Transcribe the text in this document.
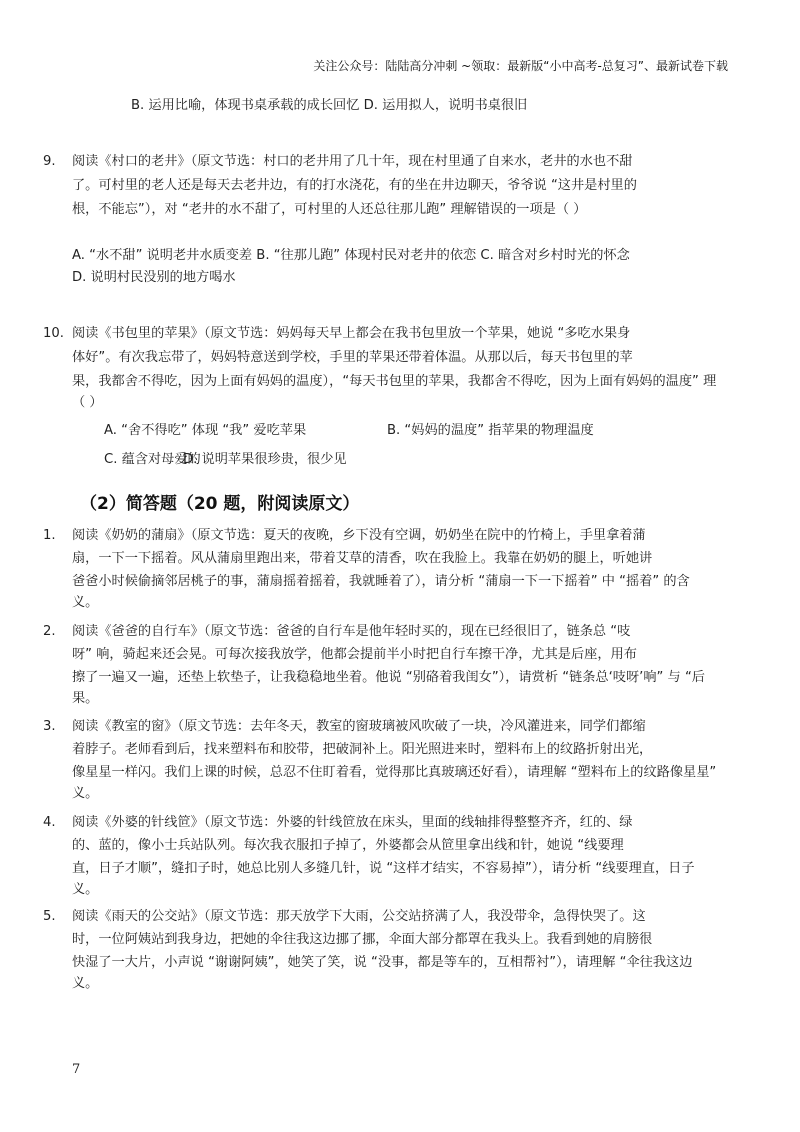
关注公众号：陆陆高分冲刺 ~领取：最新版“小中高考-总复习”、最新试卷下载
B. 运用比喻，体现书桌承载的成长回忆 D. 运用拟人，说明书桌很旧
9. 阅读《村口的老井》（原文节选：村口的老井用了几十年，现在村里通了自来水，老井的水也不甜
了。可村里的老人还是每天去老井边，有的打水浇花，有的坐在井边聊天，爷爷说 “这井是村里的
根，不能忘”），对 “老井的水不甜了，可村里的人还总往那儿跑” 理解错误的一项是（ ）
A. “水不甜” 说明老井水质变差 B. “往那儿跑” 体现村民对老井的依恋 C. 暗含对乡村时光的怀念
D. 说明村民没别的地方喝水
10. 阅读《书包里的苹果》（原文节选：妈妈每天早上都会在我书包里放一个苹果，她说 “多吃水果身
体好”。有次我忘带了，妈妈特意送到学校，手里的苹果还带着体温。从那以后，每天书包里的苹
果，我都舍不得吃，因为上面有妈妈的温度），“每天书包里的苹果，我都舍不得吃，因为上面有妈妈的温度” 理
（ ）
A. “舍不得吃” 体现 “我” 爱吃苹果	B. “妈妈的温度” 指苹果的物理温度
C. 蕴含对母爱的
D. 说明苹果很珍贵，很少见
（2）简答题（20 题，附阅读原文）
1. 阅读《奶奶的蒲扇》（原文节选：夏天的夜晚，乡下没有空调，奶奶坐在院中的竹椅上，手里拿着蒲
扇，一下一下摇着。风从蒲扇里跑出来，带着艾草的清香，吹在我脸上。我靠在奶奶的腿上，听她讲
爸爸小时候偷摘邻居桃子的事，蒲扇摇着摇着，我就睡着了），请分析 “蒲扇一下一下摇着” 中 “摇着” 的含
义。
2. 阅读《爸爸的自行车》（原文节选：爸爸的自行车是他年轻时买的，现在已经很旧了，链条总 “吱
呀” 响，骑起来还会晃。可每次接我放学，他都会提前半小时把自行车擦干净，尤其是后座，用布
擦了一遍又一遍，还垫上软垫子，让我稳稳地坐着。他说 “别硌着我闺女”），请赏析 “链条总‘吱呀’响” 与 “后
果。
3. 阅读《教室的窗》（原文节选：去年冬天，教室的窗玻璃被风吹破了一块，冷风灌进来，同学们都缩
着脖子。老师看到后，找来塑料布和胶带，把破洞补上。阳光照进来时，塑料布上的纹路折射出光，
像星星一样闪。我们上课的时候，总忍不住盯着看，觉得那比真玻璃还好看），请理解 “塑料布上的纹路像星星”
义。
4. 阅读《外婆的针线笸》（原文节选：外婆的针线笸放在床头，里面的线轴排得整整齐齐，红的、绿
的、蓝的，像小士兵站队列。每次我衣服扣子掉了，外婆都会从笸里拿出线和针，她说 “线要理
直，日子才顺”，缝扣子时，她总比别人多缝几针，说 “这样才结实，不容易掉”），请分析 “线要理直，日子
义。
5. 阅读《雨天的公交站》（原文节选：那天放学下大雨，公交站挤满了人，我没带伞，急得快哭了。这
时，一位阿姨站到我身边，把她的伞往我这边挪了挪，伞面大部分都罩在我头上。我看到她的肩膀很
快湿了一大片，小声说 “谢谢阿姨”，她笑了笑，说 “没事，都是等车的，互相帮衬”），请理解 “伞往我这边
义。
7
